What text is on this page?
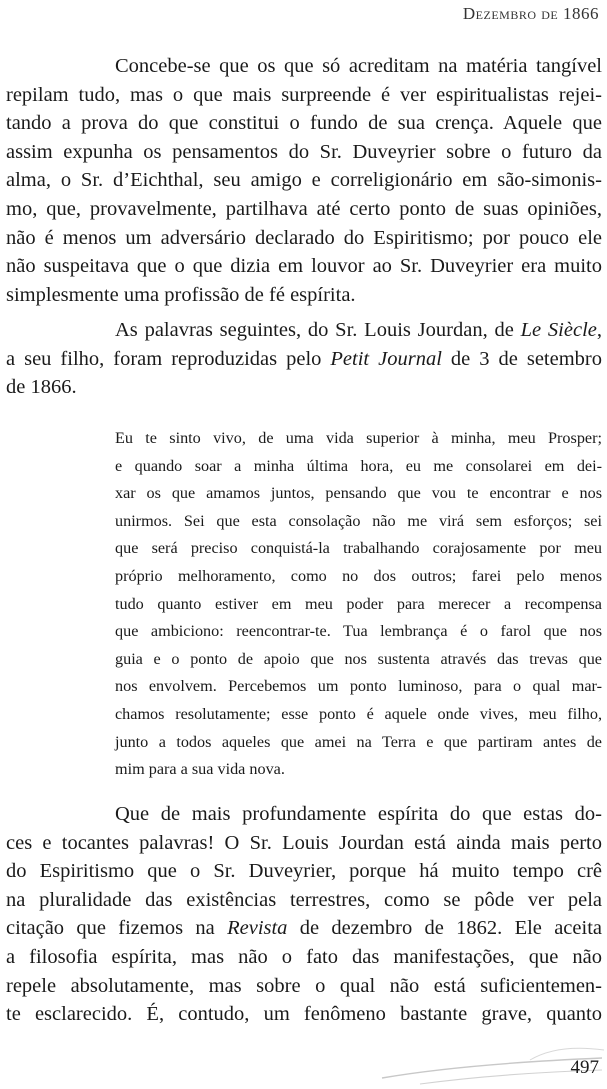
Dezembro de 1866

Concebe-se que os que só acreditam na matéria tangível
repilam tudo, mas o que mais surpreende é ver espiritualistas rejei-
tando a prova do que constitui o fundo de sua crença. Aquele que
assim expunha os pensamentos do Sr. Duveyrier sobre o futuro da
alma, o Sr. d’Eichthal, seu amigo e correligionário em são-simonis-
mo, que, provavelmente, partilhava até certo ponto de suas opiniões,
não é menos um adversário declarado do Espiritismo; por pouco ele
não suspeitava que o que dizia em louvor ao Sr. Duveyrier era muito
simplesmente uma profissão de fé espírita.

As palavras seguintes, do Sr. Louis Jourdan, de Le Siècle,
a seu filho, foram reproduzidas pelo Petit Journal de 3 de setembro
de 1866.

Eu te sinto vivo, de uma vida superior à minha, meu Prosper;
e quando soar a minha última hora, eu me consolarei em dei-
xar os que amamos juntos, pensando que vou te encontrar e nos
unirmos. Sei que esta consolação não me virá sem esforços; sei
que será preciso conquistá-la trabalhando corajosamente por meu
próprio melhoramento, como no dos outros; farei pelo menos
tudo quanto estiver em meu poder para merecer a recompensa
que ambiciono: reencontrar-te. Tua lembrança é o farol que nos
guia e o ponto de apoio que nos sustenta através das trevas que
nos envolvem. Percebemos um ponto luminoso, para o qual mar-
chamos resolutamente; esse ponto é aquele onde vives, meu filho,
junto a todos aqueles que amei na Terra e que partiram antes de
mim para a sua vida nova.

Que de mais profundamente espírita do que estas do-
ces e tocantes palavras! O Sr. Louis Jourdan está ainda mais perto
do Espiritismo que o Sr. Duveyrier, porque há muito tempo crê
na pluralidade das existências terrestres, como se pôde ver pela
citação que fizemos na Revista de dezembro de 1862. Ele aceita
a filosofia espírita, mas não o fato das manifestações, que não
repele absolutamente, mas sobre o qual não está suficientemen-
te esclarecido. É, contudo, um fenômeno bastante grave, quanto

497
